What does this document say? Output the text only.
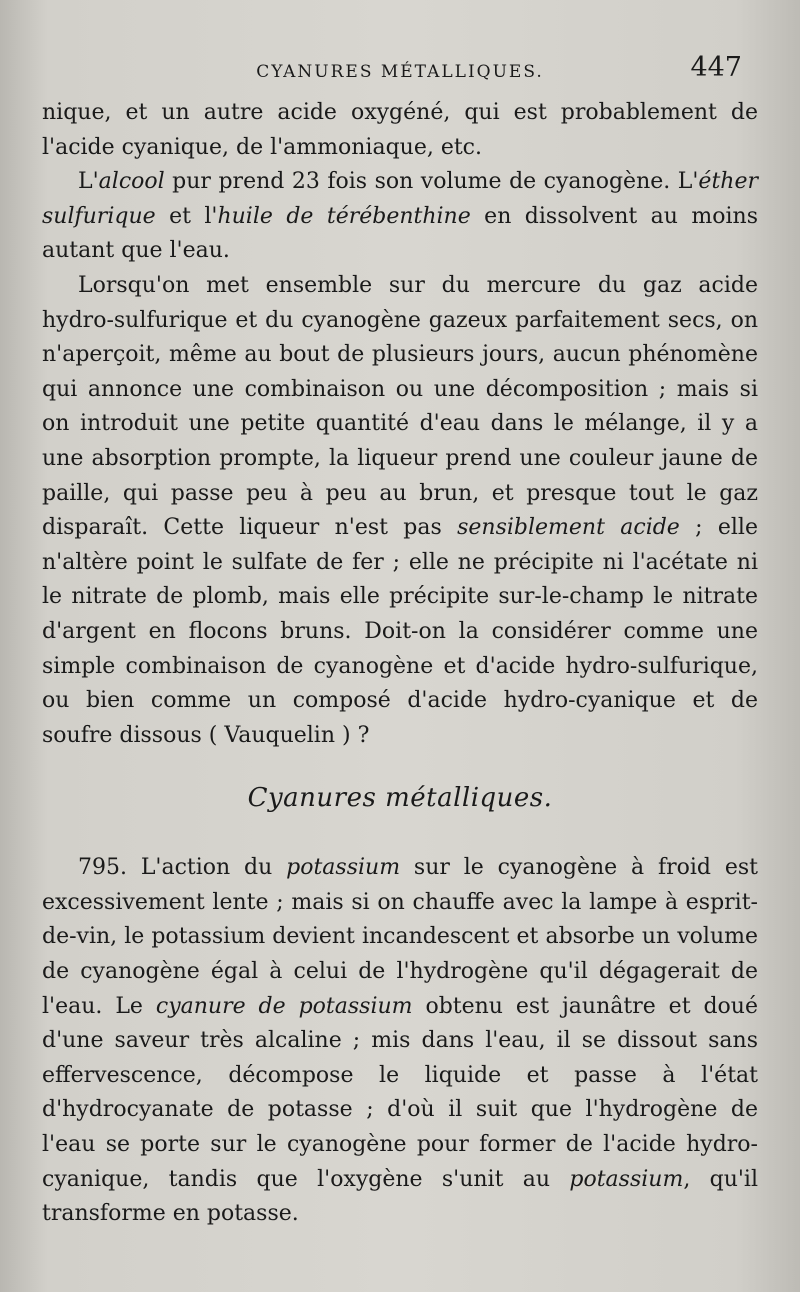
CYANURES MÉTALLIQUES.	447

nique, et un autre acide oxygéné, qui est probablement de l'acide cyanique, de l'ammoniaque, etc.

L'alcool pur prend 23 fois son volume de cyanogène. L'éther sulfurique et l'huile de térébenthine en dissolvent au moins autant que l'eau.

Lorsqu'on met ensemble sur du mercure du gaz acide hydro-sulfurique et du cyanogène gazeux parfaitement secs, on n'aperçoit, même au bout de plusieurs jours, aucun phénomène qui annonce une combinaison ou une décomposition ; mais si on introduit une petite quantité d'eau dans le mélange, il y a une absorption prompte, la liqueur prend une couleur jaune de paille, qui passe peu à peu au brun, et presque tout le gaz disparaît. Cette liqueur n'est pas sensiblement acide ; elle n'altère point le sulfate de fer ; elle ne précipite ni l'acétate ni le nitrate de plomb, mais elle précipite sur-le-champ le nitrate d'argent en flocons bruns. Doit-on la considérer comme une simple combinaison de cyanogène et d'acide hydro-sulfurique, ou bien comme un composé d'acide hydro-cyanique et de soufre dissous ( Vauquelin ) ?

Cyanures métalliques.

795. L'action du potassium sur le cyanogène à froid est excessivement lente ; mais si on chauffe avec la lampe à esprit-de-vin, le potassium devient incandescent et absorbe un volume de cyanogène égal à celui de l'hydrogène qu'il dégagerait de l'eau. Le cyanure de potassium obtenu est jaunâtre et doué d'une saveur très alcaline ; mis dans l'eau, il se dissout sans effervescence, décompose le liquide et passe à l'état d'hydrocyanate de potasse ; d'où il suit que l'hydrogène de l'eau se porte sur le cyanogène pour former de l'acide hydro-cyanique, tandis que l'oxygène s'unit au potassium, qu'il transforme en potasse.
